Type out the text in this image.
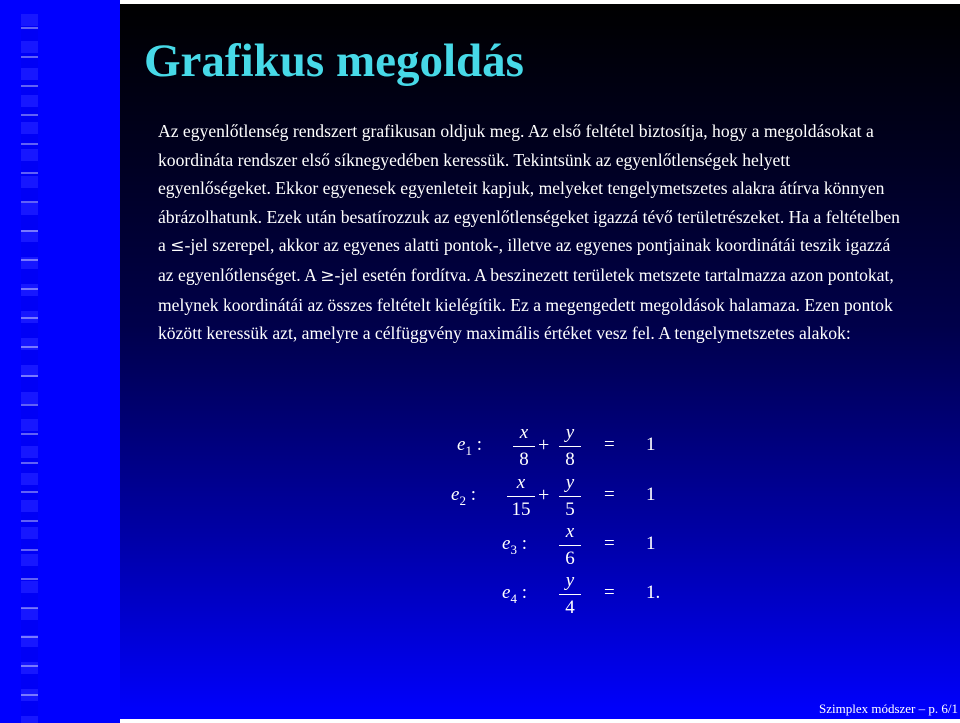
Grafikus megoldás
Az egyenlőtlenség rendszert grafikusan oldjuk meg. Az első feltétel biztosítja, hogy a megoldásokat a koordináta rendszer első síknegyedében keressük. Tekintsünk az egyenlőtlenségek helyett egyenlőségeket. Ekkor egyenesek egyenleteit kapjuk, melyeket tengelymetszetes alakra átírva könnyen ábrázolhatunk. Ezek után besatírozzuk az egyenlőtlenségeket igazzá tévő területrészeket. Ha a feltételben a ≤-jel szerepel, akkor az egyenes alatti pontok-, illetve az egyenes pontjainak koordinátái teszik igazzá az egyenlőtlenséget. A ≥-jel esetén fordítva. A beszinezett területek metszete tartalmazza azon pontokat, melynek koordinátái az összes feltételt kielégítik. Ez a megengedett megoldások halamaza. Ezen pontok között keressük azt, amelyre a célfüggvény maximális értéket vesz fel. A tengelymetszetes alakok:
$e_1$ :
x
8
+
y
8
= 1
$e_2$ :
x
15
+
y
5
= 1
$e_3$ :
x
6
= 1
$e_4$ :
y
4
= 1.
Szimplex módszer – p. 6/1
